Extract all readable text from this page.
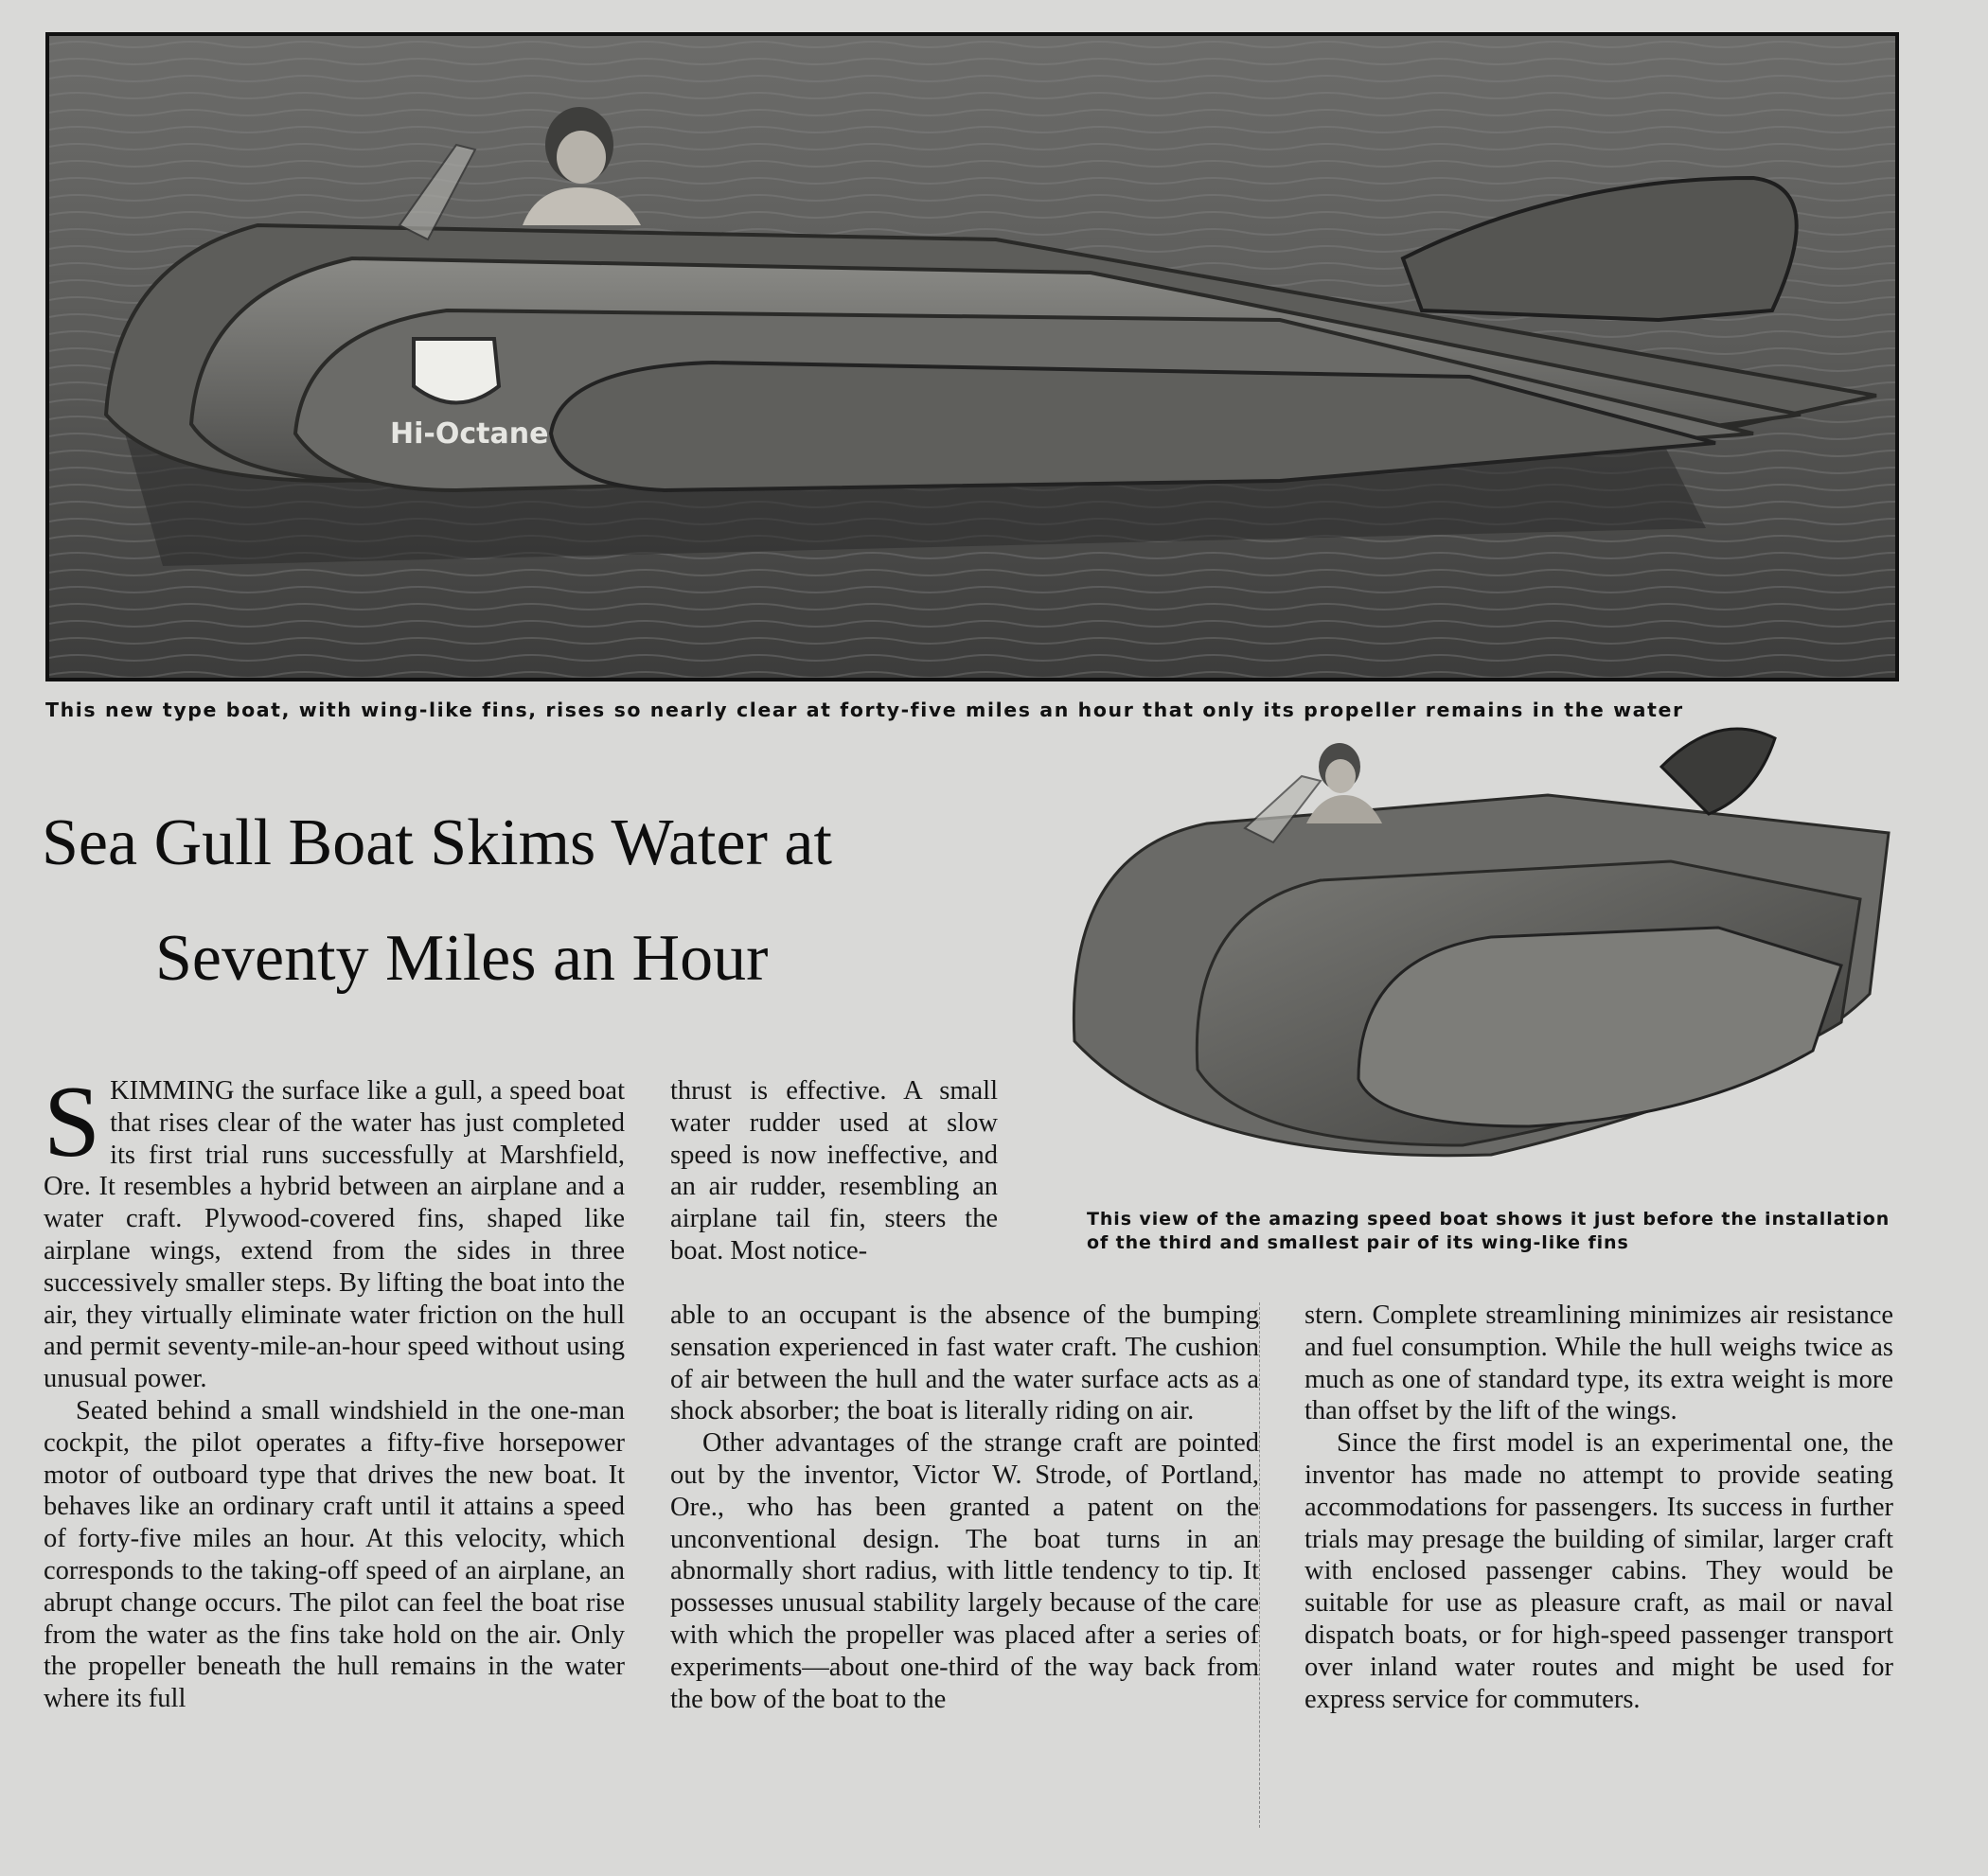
Hi-Octane
This new type boat, with wing-like fins, rises so nearly clear at forty-five miles an hour that only its propeller remains in the water
Sea Gull Boat Skims Water at
Seventy Miles an Hour
This view of the amazing speed boat shows it just before the installation of the third and smallest pair of its wing-like fins

SKIMMING the surface like a gull, a speed boat that rises clear of the water has just completed its first trial runs successfully at Marshfield, Ore. It resembles a hybrid between an airplane and a water craft. Plywood-covered fins, shaped like airplane wings, extend from the sides in three successively smaller steps. By lifting the boat into the air, they virtually eliminate water friction on the hull and permit seventy-mile-an-hour speed without using unusual power.

Seated behind a small windshield in the one-man cockpit, the pilot operates a fifty-five horsepower motor of outboard type that drives the new boat. It behaves like an ordinary craft until it attains a speed of forty-five miles an hour. At this velocity, which corresponds to the taking-off speed of an airplane, an abrupt change occurs. The pilot can feel the boat rise from the water as the fins take hold on the air. Only the propeller beneath the hull remains in the water where its full

thrust is effective. A small water rudder used at slow speed is now ineffective, and an air rudder, resembling an airplane tail fin, steers the boat. Most notice-

able to an occupant is the absence of the bumping sensation experienced in fast water craft. The cushion of air between the hull and the water surface acts as a shock absorber; the boat is literally riding on air.

Other advantages of the strange craft are pointed out by the inventor, Victor W. Strode, of Portland, Ore., who has been granted a patent on the unconventional design. The boat turns in an abnormally short radius, with little tendency to tip. It possesses unusual stability largely because of the care with which the propeller was placed after a series of experiments—about one-third of the way back from the bow of the boat to the

stern. Complete streamlining minimizes air resistance and fuel consumption. While the hull weighs twice as much as one of standard type, its extra weight is more than offset by the lift of the wings.

Since the first model is an experimental one, the inventor has made no attempt to provide seating accommodations for passengers. Its success in further trials may presage the building of similar, larger craft with enclosed passenger cabins. They would be suitable for use as pleasure craft, as mail or naval dispatch boats, or for high-speed passenger transport over inland water routes and might be used for express service for commuters.
